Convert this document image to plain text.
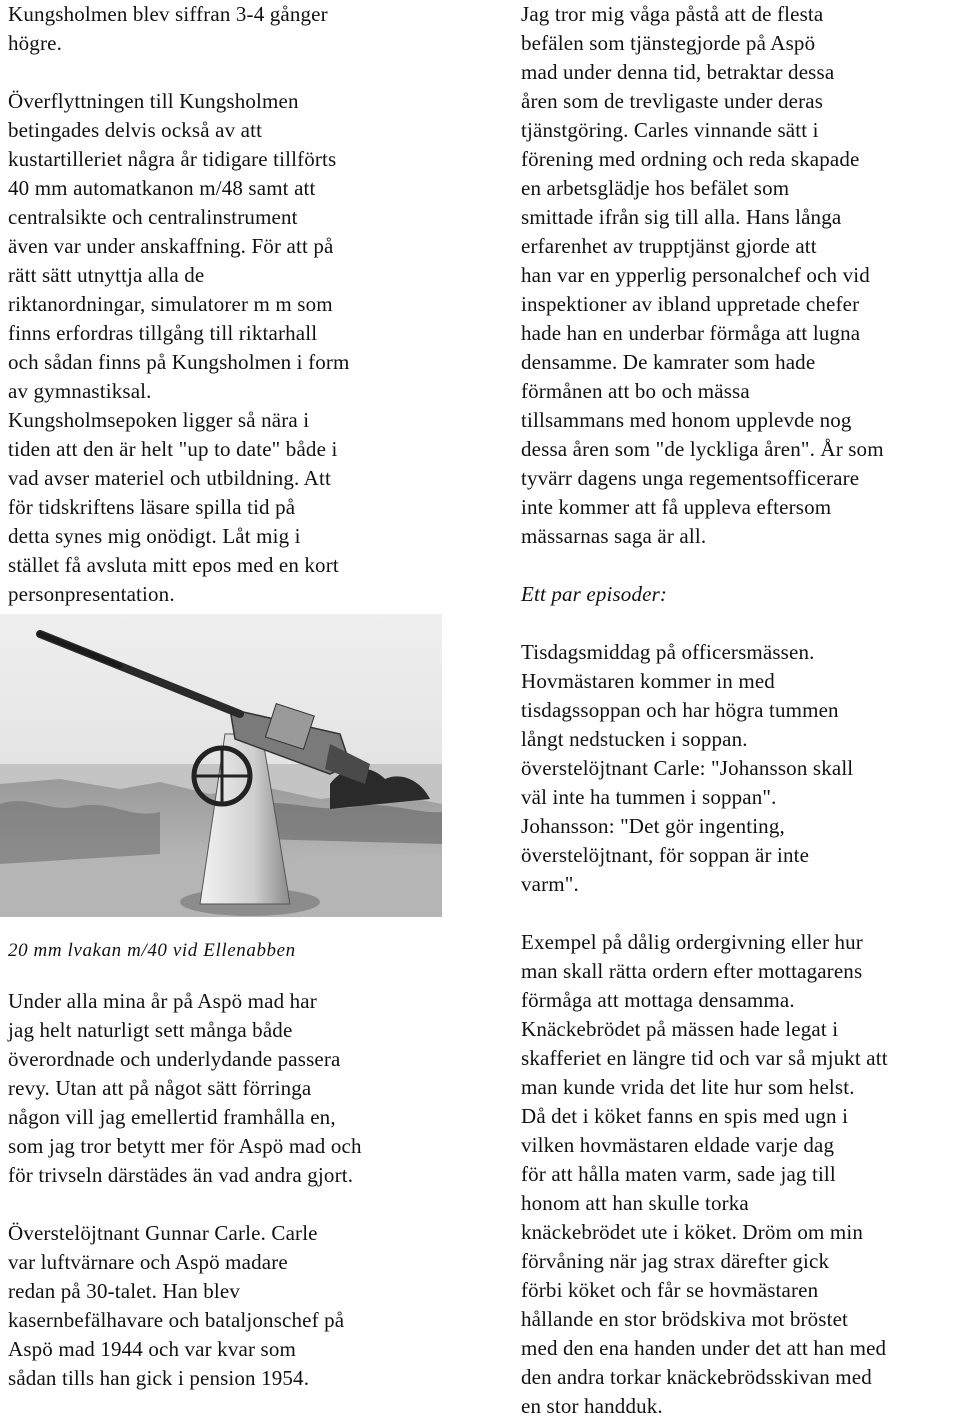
Kungsholmen blev siffran 3-4 gånger
högre.

Överflyttningen till Kungsholmen
betingades delvis också av att
kustartilleriet några år tidigare tillförts
40 mm automatkanon m/48 samt att
centralsikte och centralinstrument
även var under anskaffning. För att på
rätt sätt utnyttja alla de
riktanordningar, simulatorer m m som
finns erfordras tillgång till riktarhall
och sådan finns på Kungsholmen i form
av gymnastiksal.
Kungsholmsepoken ligger så nära i
tiden att den är helt "up to date" både i
vad avser materiel och utbildning. Att
för tidskriftens läsare spilla tid på
detta synes mig onödigt. Låt mig i
stället få avsluta mitt epos med en kort
personpresentation.

20 mm lvakan m/40 vid Ellenabben

Under alla mina år på Aspö mad har
jag helt naturligt sett många både
överordnade och underlydande passera
revy. Utan att på något sätt förringa
någon vill jag emellertid framhålla en,
som jag tror betytt mer för Aspö mad och
för trivseln därstädes än vad andra gjort.

Överstelöjtnant Gunnar Carle. Carle
var luftvärnare och Aspö madare
redan på 30-talet. Han blev
kasernbefälhavare och bataljonschef på
Aspö mad 1944 och var kvar som
sådan tills han gick i pension 1954.

Jag tror mig våga påstå att de flesta
befälen som tjänstegjorde på Aspö
mad under denna tid, betraktar dessa
åren som de trevligaste under deras
tjänstgöring. Carles vinnande sätt i
förening med ordning och reda skapade
en arbetsglädje hos befälet som
smittade ifrån sig till alla. Hans långa
erfarenhet av trupptjänst gjorde att
han var en ypperlig personalchef och vid
inspektioner av ibland uppretade chefer
hade han en underbar förmåga att lugna
densamme. De kamrater som hade
förmånen att bo och mässa
tillsammans med honom upplevde nog
dessa åren som "de lyckliga åren". År som
tyvärr dagens unga regementsofficerare
inte kommer att få uppleva eftersom
mässarnas saga är all.

Ett par episoder:

Tisdagsmiddag på officersmässen.
Hovmästaren kommer in med
tisdagssoppan och har högra tummen
långt nedstucken i soppan.
överstelöjtnant Carle: "Johansson skall
väl inte ha tummen i soppan".
Johansson: "Det gör ingenting,
överstelöjtnant, för soppan är inte
varm".

Exempel på dålig ordergivning eller hur
man skall rätta ordern efter mottagarens
förmåga att mottaga densamma.
Knäckebrödet på mässen hade legat i
skafferiet en längre tid och var så mjukt att
man kunde vrida det lite hur som helst.
Då det i köket fanns en spis med ugn i
vilken hovmästaren eldade varje dag
för att hålla maten varm, sade jag till
honom att han skulle torka
knäckebrödet ute i köket. Dröm om min
förvåning när jag strax därefter gick
förbi köket och får se hovmästaren
hållande en stor brödskiva mot bröstet
med den ena handen under det att han med
den andra torkar knäckebrödsskivan med
en stor handduk.
